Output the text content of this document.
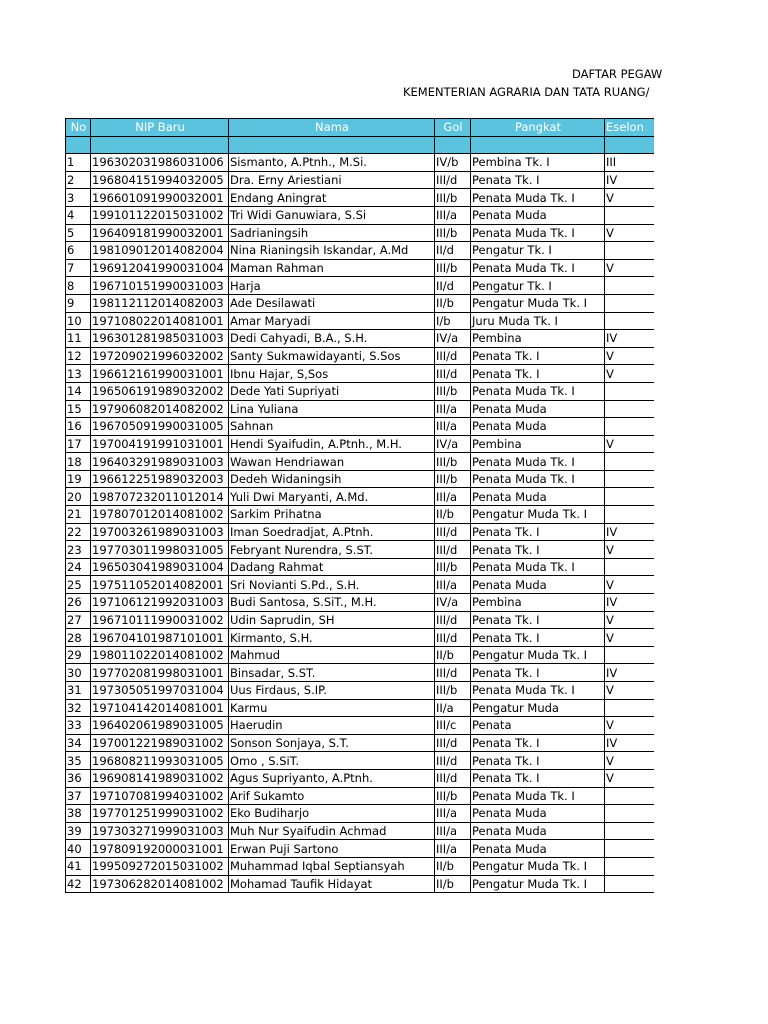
DAFTAR PEGAW
KEMENTERIAN AGRARIA DAN TATA RUANG/
No	NIP Baru	Nama	Gol	Pangkat	Eselon

1	196302031986031006	Sismanto, A.Ptnh., M.Si.	IV/b	Pembina Tk. I	III
2	196804151994032005	Dra. Erny Ariestiani	III/d	Penata Tk. I	IV
3	196601091990032001	Endang Aningrat	III/b	Penata Muda Tk. I	V
4	199101122015031002	Tri Widi Ganuwiara, S.Si	III/a	Penata Muda	
5	196409181990032001	Sadrianingsih	III/b	Penata Muda Tk. I	V
6	198109012014082004	Nina Rianingsih Iskandar, A.Md	II/d	Pengatur Tk. I	
7	196912041990031004	Maman Rahman	III/b	Penata Muda Tk. I	V
8	196710151990031003	Harja	II/d	Pengatur Tk. I	
9	198112112014082003	Ade Desilawati	II/b	Pengatur Muda Tk. I	
10	197108022014081001	Amar Maryadi	I/b	Juru Muda Tk. I	
11	196301281985031003	Dedi Cahyadi, B.A., S.H.	IV/a	Pembina	IV
12	197209021996032002	Santy Sukmawidayanti, S.Sos	III/d	Penata Tk. I	V
13	196612161990031001	Ibnu Hajar, S,Sos	III/d	Penata Tk. I	V
14	196506191989032002	Dede Yati Supriyati	III/b	Penata Muda Tk. I	
15	197906082014082002	Lina Yuliana	III/a	Penata Muda	
16	196705091990031005	Sahnan	III/a	Penata Muda	
17	197004191991031001	Hendi Syaifudin, A.Ptnh., M.H.	IV/a	Pembina	V
18	196403291989031003	Wawan Hendriawan	III/b	Penata Muda Tk. I	
19	196612251989032003	Dedeh Widaningsih	III/b	Penata Muda Tk. I	
20	198707232011012014	Yuli Dwi Maryanti, A.Md.	III/a	Penata Muda	
21	197807012014081002	Sarkim Prihatna	II/b	Pengatur Muda Tk. I	
22	197003261989031003	Iman Soedradjat, A.Ptnh.	III/d	Penata Tk. I	IV
23	197703011998031005	Febryant Nurendra, S.ST.	III/d	Penata Tk. I	V
24	196503041989031004	Dadang Rahmat	III/b	Penata Muda Tk. I	
25	197511052014082001	Sri Novianti S.Pd., S.H.	III/a	Penata Muda	V
26	197106121992031003	Budi Santosa, S.SiT., M.H.	IV/a	Pembina	IV
27	196710111990031002	Udin Saprudin, SH	III/d	Penata Tk. I	V
28	196704101987101001	Kirmanto, S.H.	III/d	Penata Tk. I	V
29	198011022014081002	Mahmud	II/b	Pengatur Muda Tk. I	
30	197702081998031001	Binsadar, S.ST.	III/d	Penata Tk. I	IV
31	197305051997031004	Uus Firdaus, S.IP.	III/b	Penata Muda Tk. I	V
32	197104142014081001	Karmu	II/a	Pengatur Muda	
33	196402061989031005	Haerudin	III/c	Penata	V
34	197001221989031002	Sonson Sonjaya, S.T.	III/d	Penata Tk. I	IV
35	196808211993031005	Omo , S.SiT.	III/d	Penata Tk. I	V
36	196908141989031002	Agus Supriyanto, A.Ptnh.	III/d	Penata Tk. I	V
37	197107081994031002	Arif Sukamto	III/b	Penata Muda Tk. I	
38	197701251999031002	Eko Budiharjo	III/a	Penata Muda	
39	197303271999031003	Muh Nur Syaifudin Achmad	III/a	Penata Muda	
40	197809192000031001	Erwan Puji Sartono	III/a	Penata Muda	
41	199509272015031002	Muhammad Iqbal Septiansyah	II/b	Pengatur Muda Tk. I	
42	197306282014081002	Mohamad Taufik Hidayat	II/b	Pengatur Muda Tk. I	
